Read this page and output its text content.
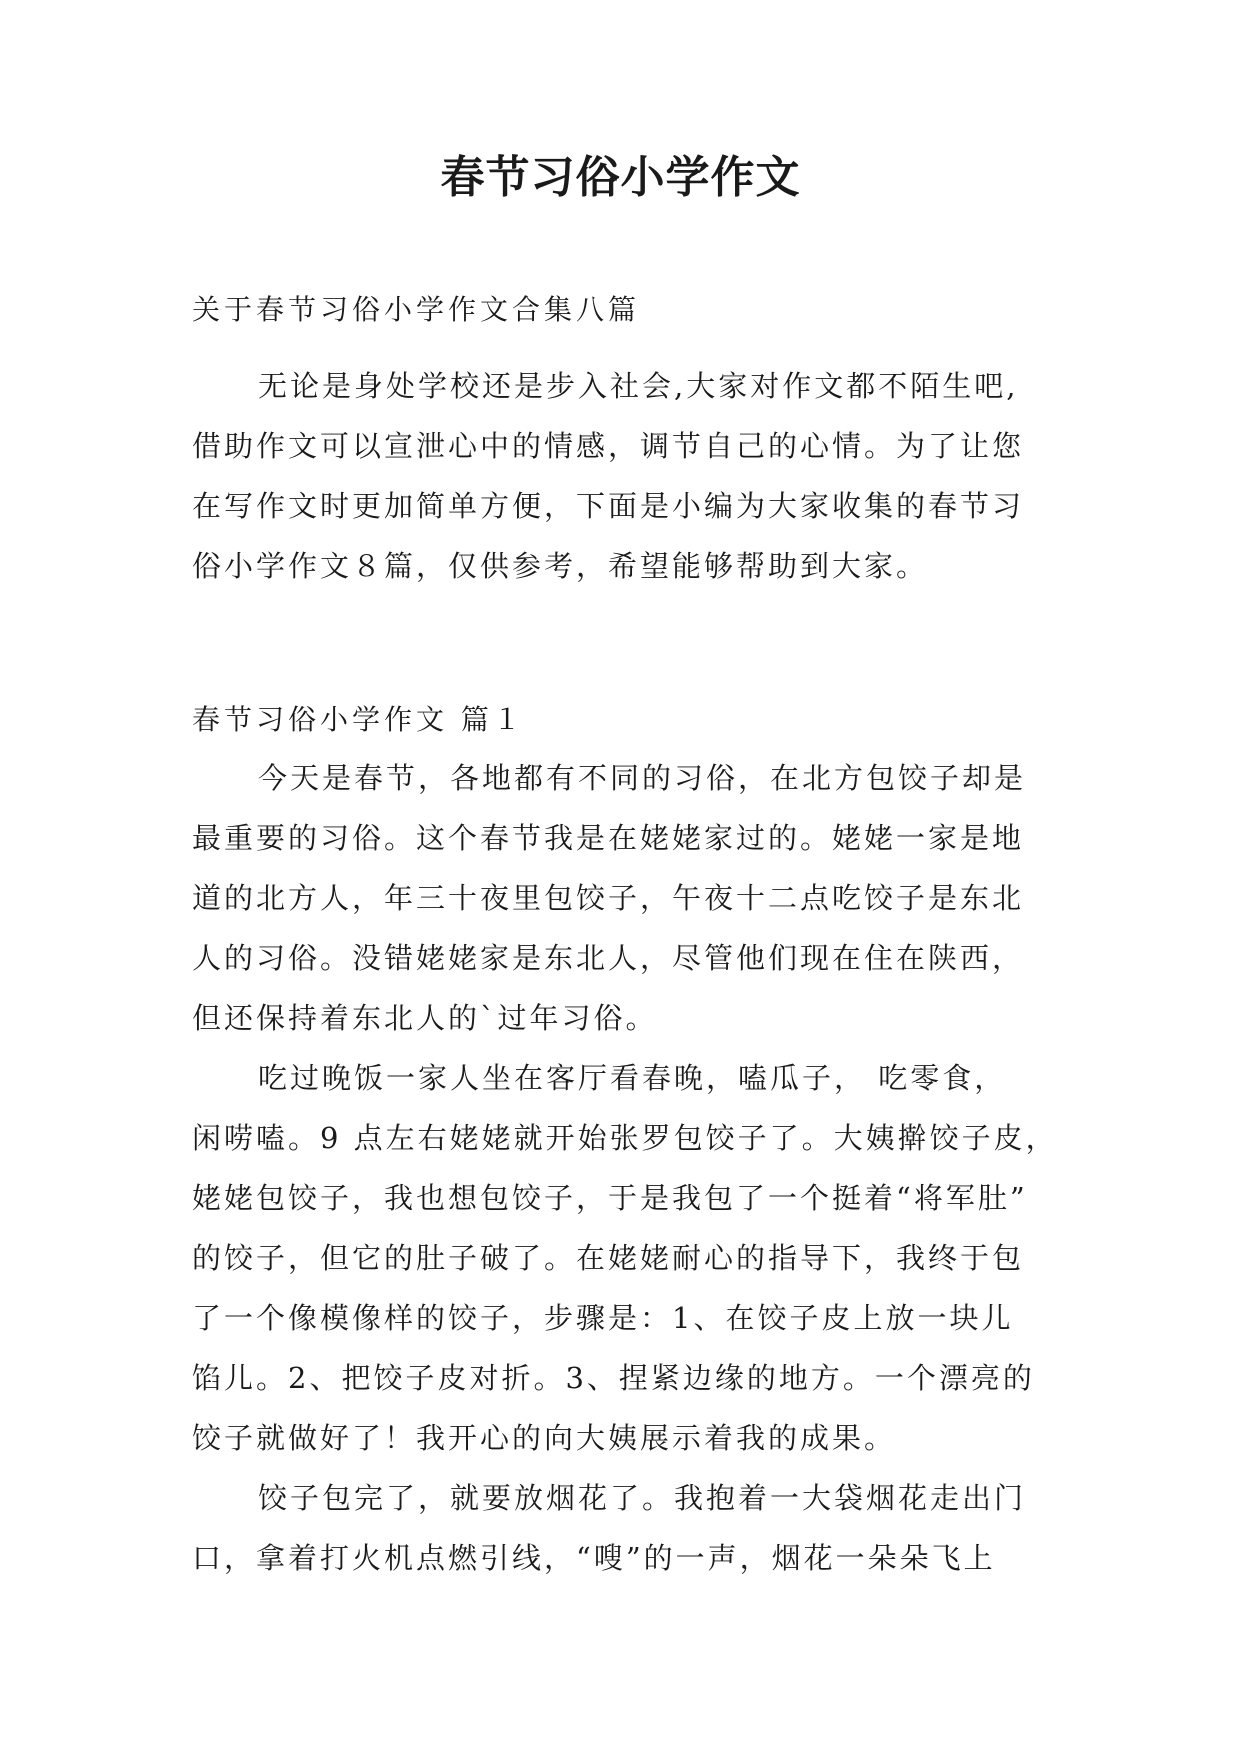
春节习俗小学作文
关于春节习俗小学作文合集八篇
无论是身处学校还是步入社会,大家对作文都不陌生吧,
借助作文可以宣泄心中的情感，调节自己的心情。为了让您
在写作文时更加简单方便，下面是小编为大家收集的春节习
俗小学作文８篇，仅供参考，希望能够帮助到大家。
春节习俗小学作文 篇１
今天是春节，各地都有不同的习俗，在北方包饺子却是
最重要的习俗。这个春节我是在姥姥家过的。姥姥一家是地
道的北方人，年三十夜里包饺子，午夜十二点吃饺子是东北
人的习俗。没错姥姥家是东北人，尽管他们现在住在陕西，
但还保持着东北人的`过年习俗。
吃过晚饭一家人坐在客厅看春晚，嗑瓜子， 吃零食，
闲唠嗑。9 点左右姥姥就开始张罗包饺子了。大姨擀饺子皮，
姥姥包饺子，我也想包饺子，于是我包了一个挺着“将军肚”
的饺子，但它的肚子破了。在姥姥耐心的指导下，我终于包
了一个像模像样的饺子，步骤是：1、在饺子皮上放一块儿
馅儿。2、把饺子皮对折。3、捏紧边缘的地方。一个漂亮的
饺子就做好了！我开心的向大姨展示着我的成果。
饺子包完了，就要放烟花了。我抱着一大袋烟花走出门
口，拿着打火机点燃引线，“嗖”的一声，烟花一朵朵飞上
